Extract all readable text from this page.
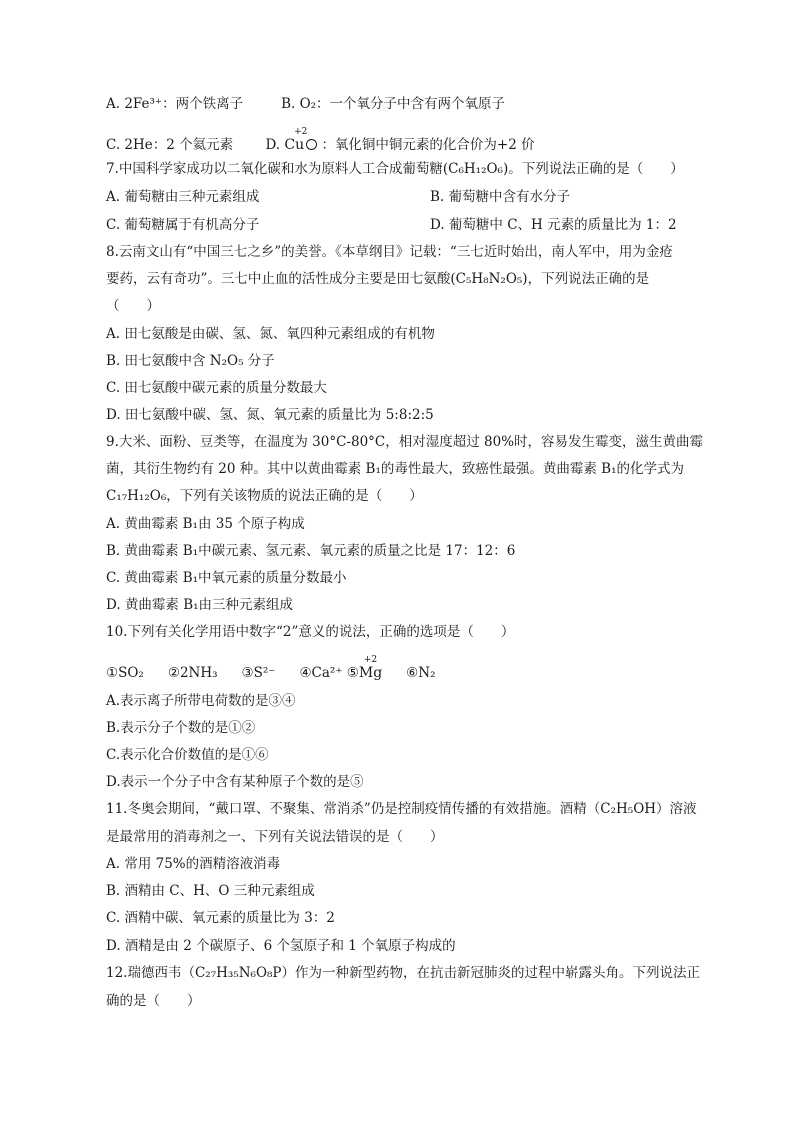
A. 2Fe³⁺：两个铁离子	B. O₂：一个氧分子中含有两个氧原子
C. 2He：2 个氦元素 D.
+2
Cu ：氧化铜中铜元素的化合价为+2 价
7.中国科学家成功以二氧化碳和水为原料人工合成葡萄糖(C₆H₁₂O₆)。下列说法正确的是（　　）
A. 葡萄糖由三种元素组成	B. 葡萄糖中含有水分子
C. 葡萄糖属于有机高分子	D. 葡萄糖中 C、H 元素的质量比为 1：2
8.云南文山有“中国三七之乡”的美誉。《本草纲目》记载：“三七近时始出，南人军中，用为金疮
要药，云有奇功”。三七中止血的活性成分主要是田七氨酸(C₅H₈N₂O₅)，下列说法正确的是
（　　）
A. 田七氨酸是由碳、氢、氮、氧四种元素组成的有机物
B. 田七氨酸中含 N₂O₅ 分子
C. 田七氨酸中碳元素的质量分数最大
D. 田七氨酸中碳、氢、氮、氧元素的质量比为 5:8:2:5
9.大米、面粉、豆类等，在温度为 30°C-80°C，相对湿度超过 80%时，容易发生霉变，滋生黄曲霉
菌，其衍生物约有 20 种。其中以黄曲霉素 B₁的毒性最大，致癌性最强。黄曲霉素 B₁的化学式为
C₁₇H₁₂O₆，下列有关该物质的说法正确的是（　　）
A. 黄曲霉素 B₁由 35 个原子构成
B. 黄曲霉素 B₁中碳元素、氢元素、氧元素的质量之比是 17：12：6
C. 黄曲霉素 B₁中氧元素的质量分数最小
D. 黄曲霉素 B₁由三种元素组成
10.下列有关化学用语中数字“2”意义的说法，正确的选项是（　　）
①SO₂ ②2NH₃ ③S²⁻ ④Ca²⁺ ⑤
+2
Mg ⑥N₂
A.表示离子所带电荷数的是③④
B.表示分子个数的是①②
C.表示化合价数值的是①⑥
D.表示一个分子中含有某种原子个数的是⑤
11.冬奥会期间，“戴口罩、不聚集、常消杀”仍是控制疫情传播的有效措施。酒精（C₂H₅OH）溶液
是最常用的消毒剂之一、下列有关说法错误的是（　　）
A. 常用 75%的酒精溶液消毒
B. 酒精由 C、H、O 三种元素组成
C. 酒精中碳、氧元素的质量比为 3：2
D. 酒精是由 2 个碳原子、6 个氢原子和 1 个氧原子构成的
12.瑞德西韦（C₂₇H₃₅N₆O₈P）作为一种新型药物，在抗击新冠肺炎的过程中崭露头角。下列说法正
确的是（　　）
